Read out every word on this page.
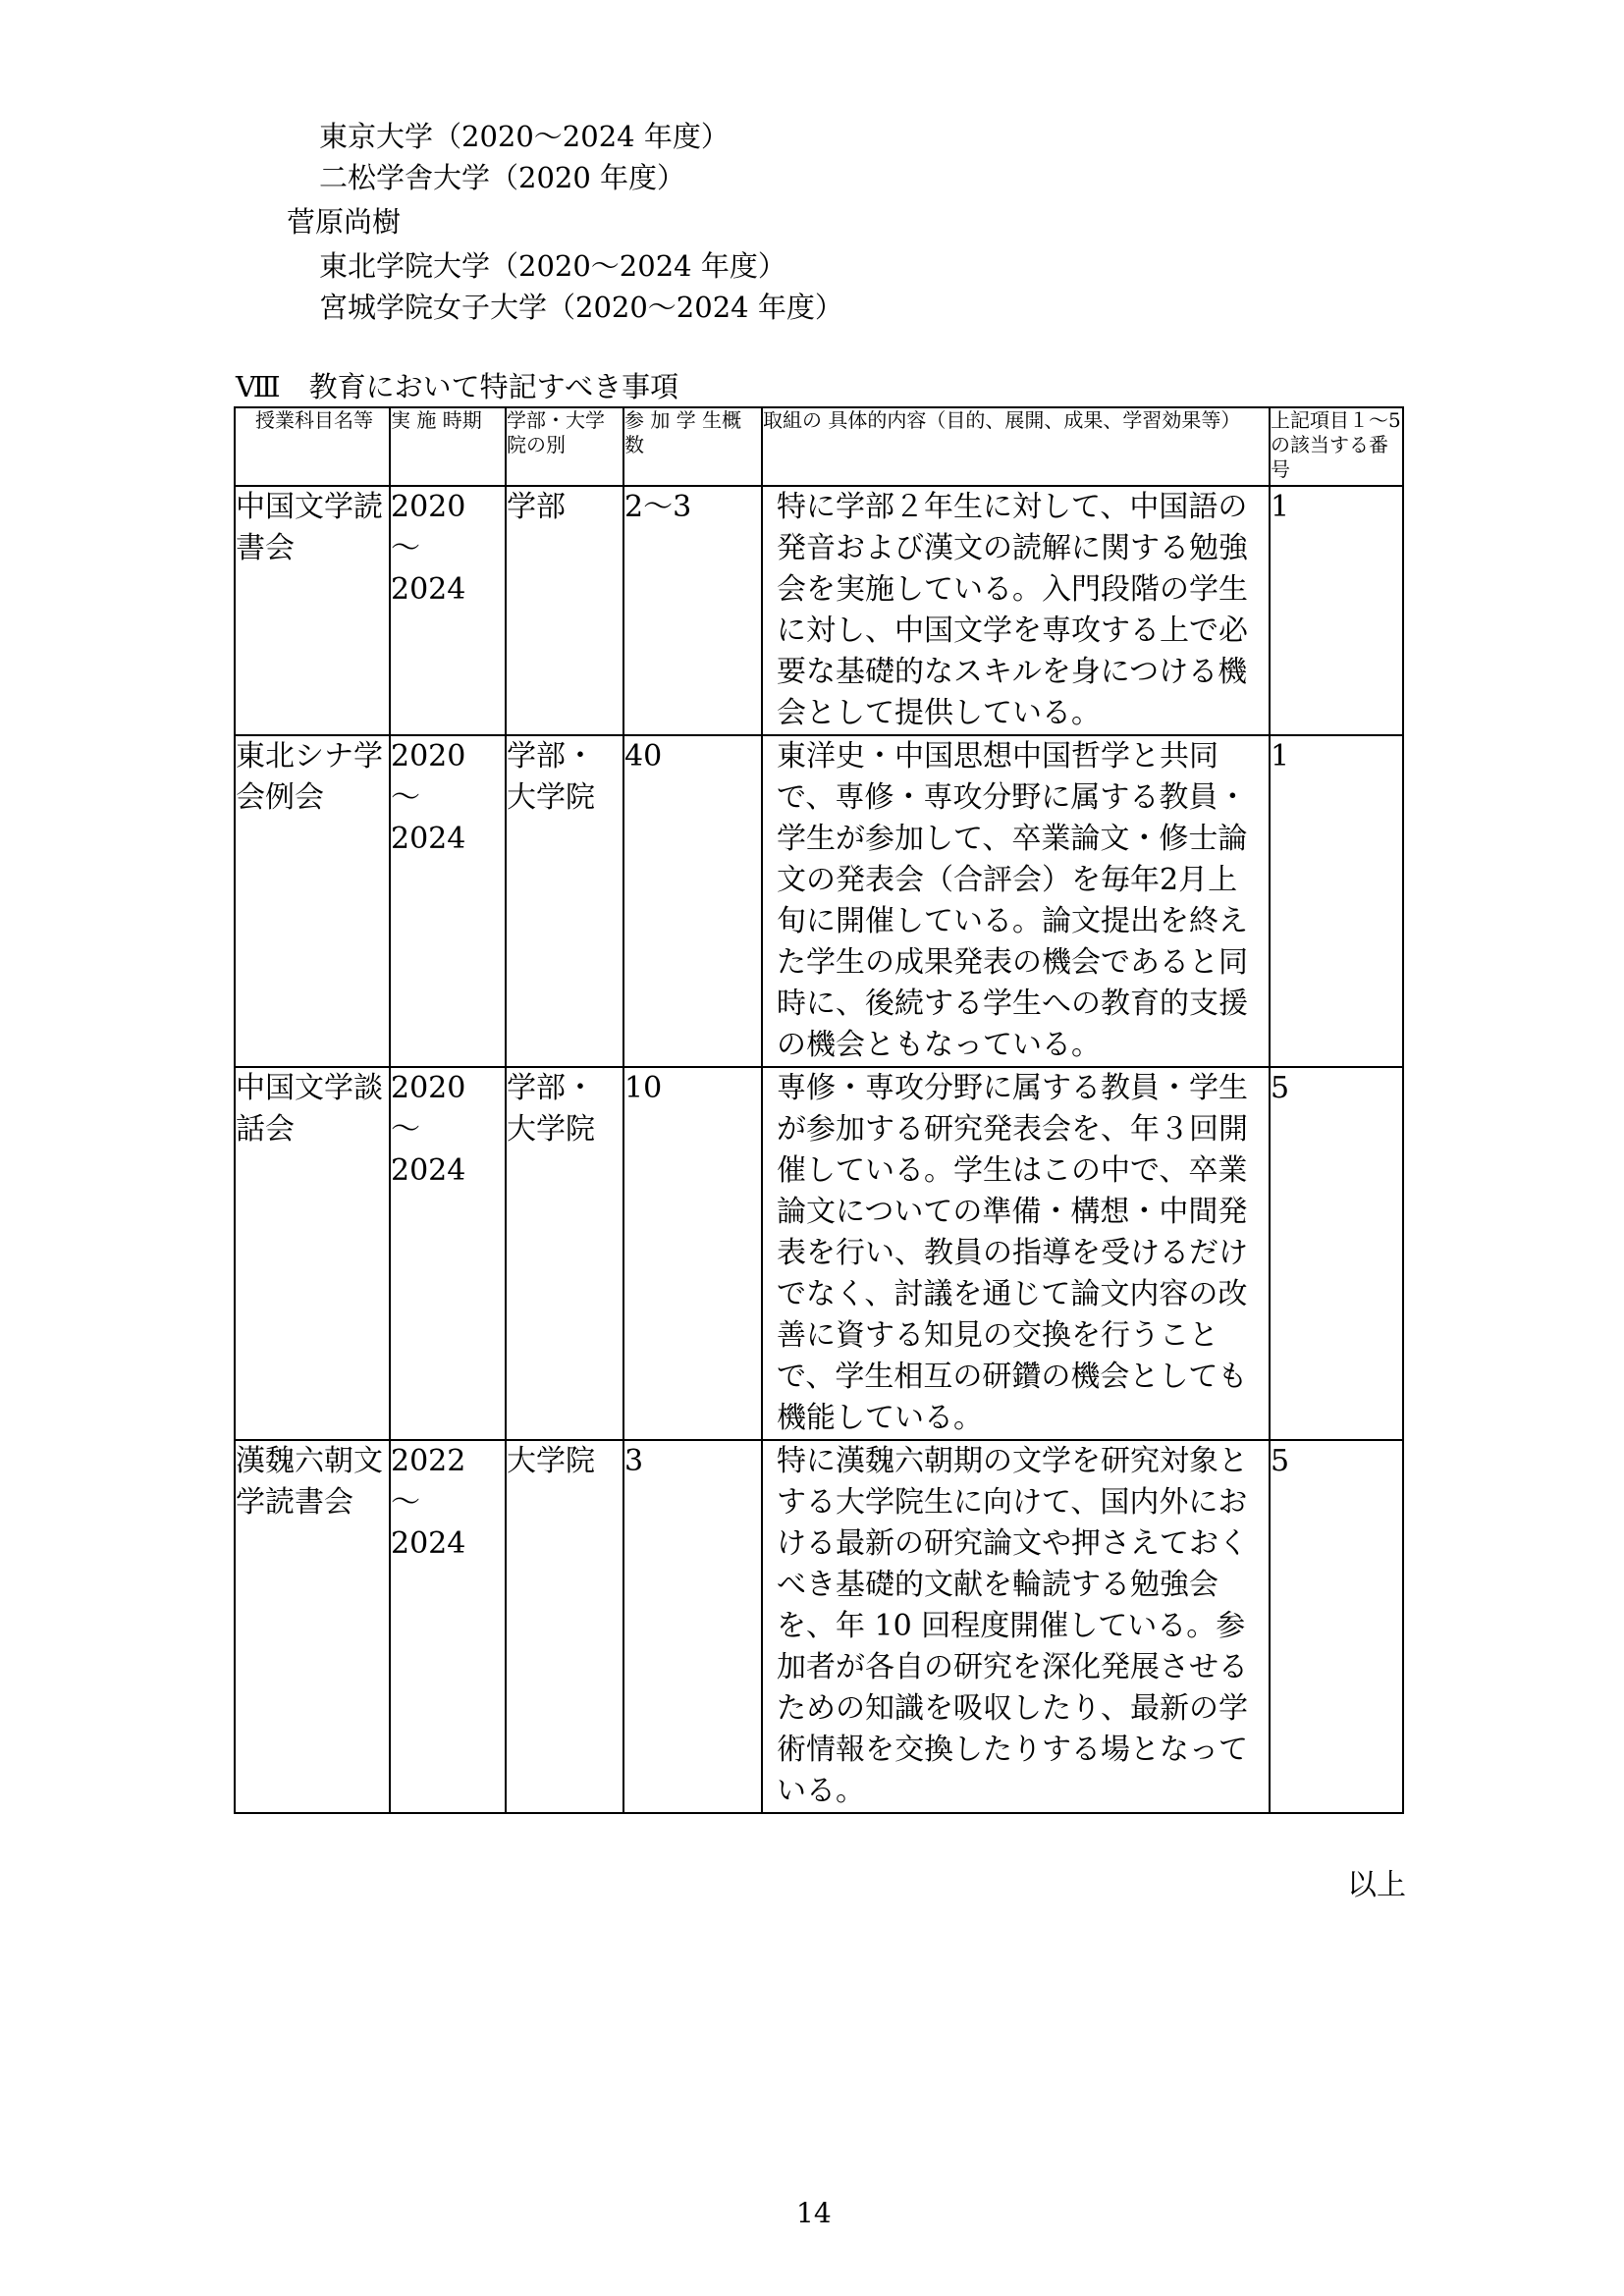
東京大学（2020～2024 年度）
二松学舎大学（2020 年度）
菅原尚樹
東北学院大学（2020～2024 年度）
宮城学院女子大学（2020～2024 年度）
Ⅷ　教育において特記すべき事項
　授業科目名等	実 施 時期	学部・大学院の別	参 加 学 生概数	取組の 具体的内容（目的、展開、成果、学習効果等）	上記項目１～5 の該当する番号
中国文学読書会	2020
～
2024	学部	2～3	特に学部２年生に対して、中国語の発音および漢文の読解に関する勉強会を実施している。入門段階の学生に対し、中国文学を専攻する上で必要な基礎的なスキルを身につける機会として提供している。	1
東北シナ学会例会	2020
～
2024	学部・大学院	40	東洋史・中国思想中国哲学と共同で、専修・専攻分野に属する教員・学生が参加して、卒業論文・修士論文の発表会（合評会）を毎年2月上旬に開催している。論文提出を終えた学生の成果発表の機会であると同時に、後続する学生への教育的支援の機会ともなっている。	1
中国文学談話会	2020
～
2024	学部・大学院	10	専修・専攻分野に属する教員・学生が参加する研究発表会を、年３回開催している。学生はこの中で、卒業論文についての準備・構想・中間発表を行い、教員の指導を受けるだけでなく、討議を通じて論文内容の改善に資する知見の交換を行うことで、学生相互の研鑽の機会としても機能している。	5
漢魏六朝文学読書会	2022
～
2024	大学院	3	特に漢魏六朝期の文学を研究対象とする大学院生に向けて、国内外における最新の研究論文や押さえておくべき基礎的文献を輪読する勉強会を、年 10 回程度開催している。参加者が各自の研究を深化発展させるための知識を吸収したり、最新の学術情報を交換したりする場となっている。	5
以上
14
